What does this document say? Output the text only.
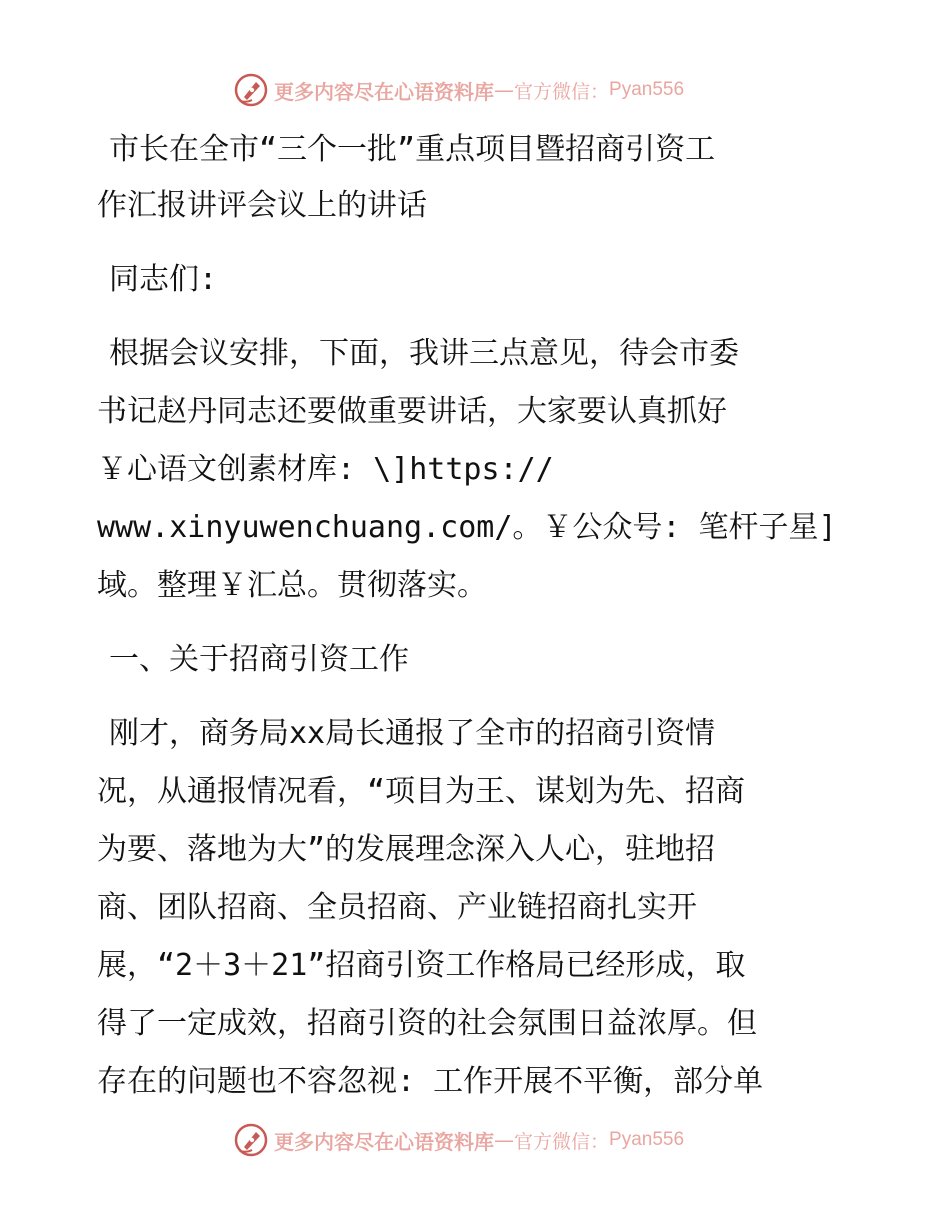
更多内容尽在心语资料库 — 官方微信： Pyan556
市长在全市“三个一批”重点项目暨招商引资工
作汇报讲评会议上的讲话
同志们:
根据会议安排，下面，我讲三点意见，待会市委
书记赵丹同志还要做重要讲话，大家要认真抓好
￥心语文创素材库: \]https://
www.xinyuwenchuang.com/。￥公众号: 笔杆子星]
域。整理￥汇总。贯彻落实。
一、关于招商引资工作
刚才，商务局xx局长通报了全市的招商引资情
况，从通报情况看，“项目为王、谋划为先、招商
为要、落地为大”的发展理念深入人心，驻地招
商、团队招商、全员招商、产业链招商扎实开
展，“2＋3＋21”招商引资工作格局已经形成，取
得了一定成效，招商引资的社会氛围日益浓厚。但
存在的问题也不容忽视: 工作开展不平衡，部分单
更多内容尽在心语资料库 — 官方微信： Pyan556
